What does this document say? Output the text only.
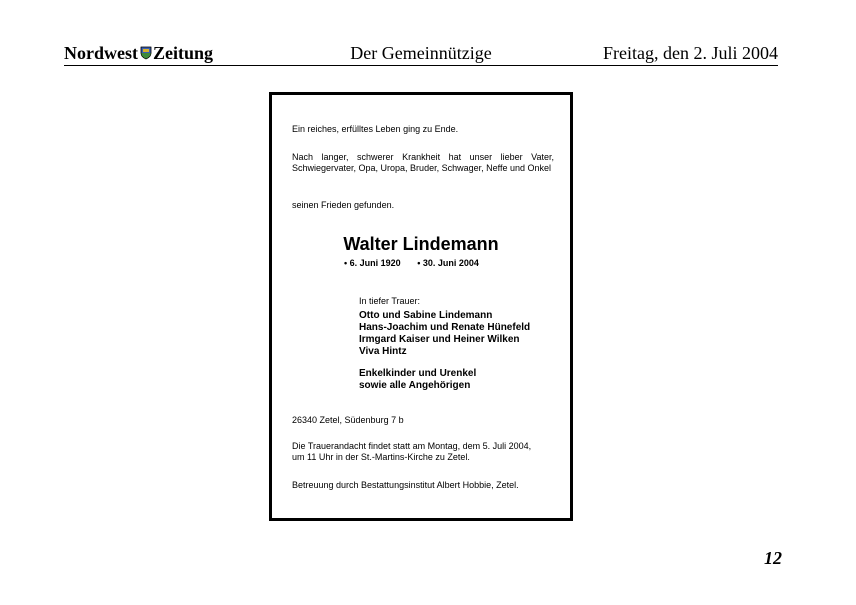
Nordwest Zeitung	Der Gemeinnützige	Freitag, den 2. Juli 2004
Ein reiches, erfülltes Leben ging zu Ende.
Nach langer, schwerer Krankheit hat unser lieber Vater, Schwiegervater, Opa, Uropa, Bruder, Schwager, Neffe und Onkel
seinen Frieden gefunden.
Walter Lindemann
• 6. Juni 1920 • 30. Juni 2004
In tiefer Trauer:
Otto und Sabine Lindemann
Hans-Joachim und Renate Hünefeld
Irmgard Kaiser und Heiner Wilken
Viva Hintz
Enkelkinder und Urenkel
sowie alle Angehörigen
26340 Zetel, Südenburg 7 b
Die Trauerandacht findet statt am Montag, dem 5. Juli 2004,
um 11 Uhr in der St.-Martins-Kirche zu Zetel.
Betreuung durch Bestattungsinstitut Albert Hobbie, Zetel.
12
